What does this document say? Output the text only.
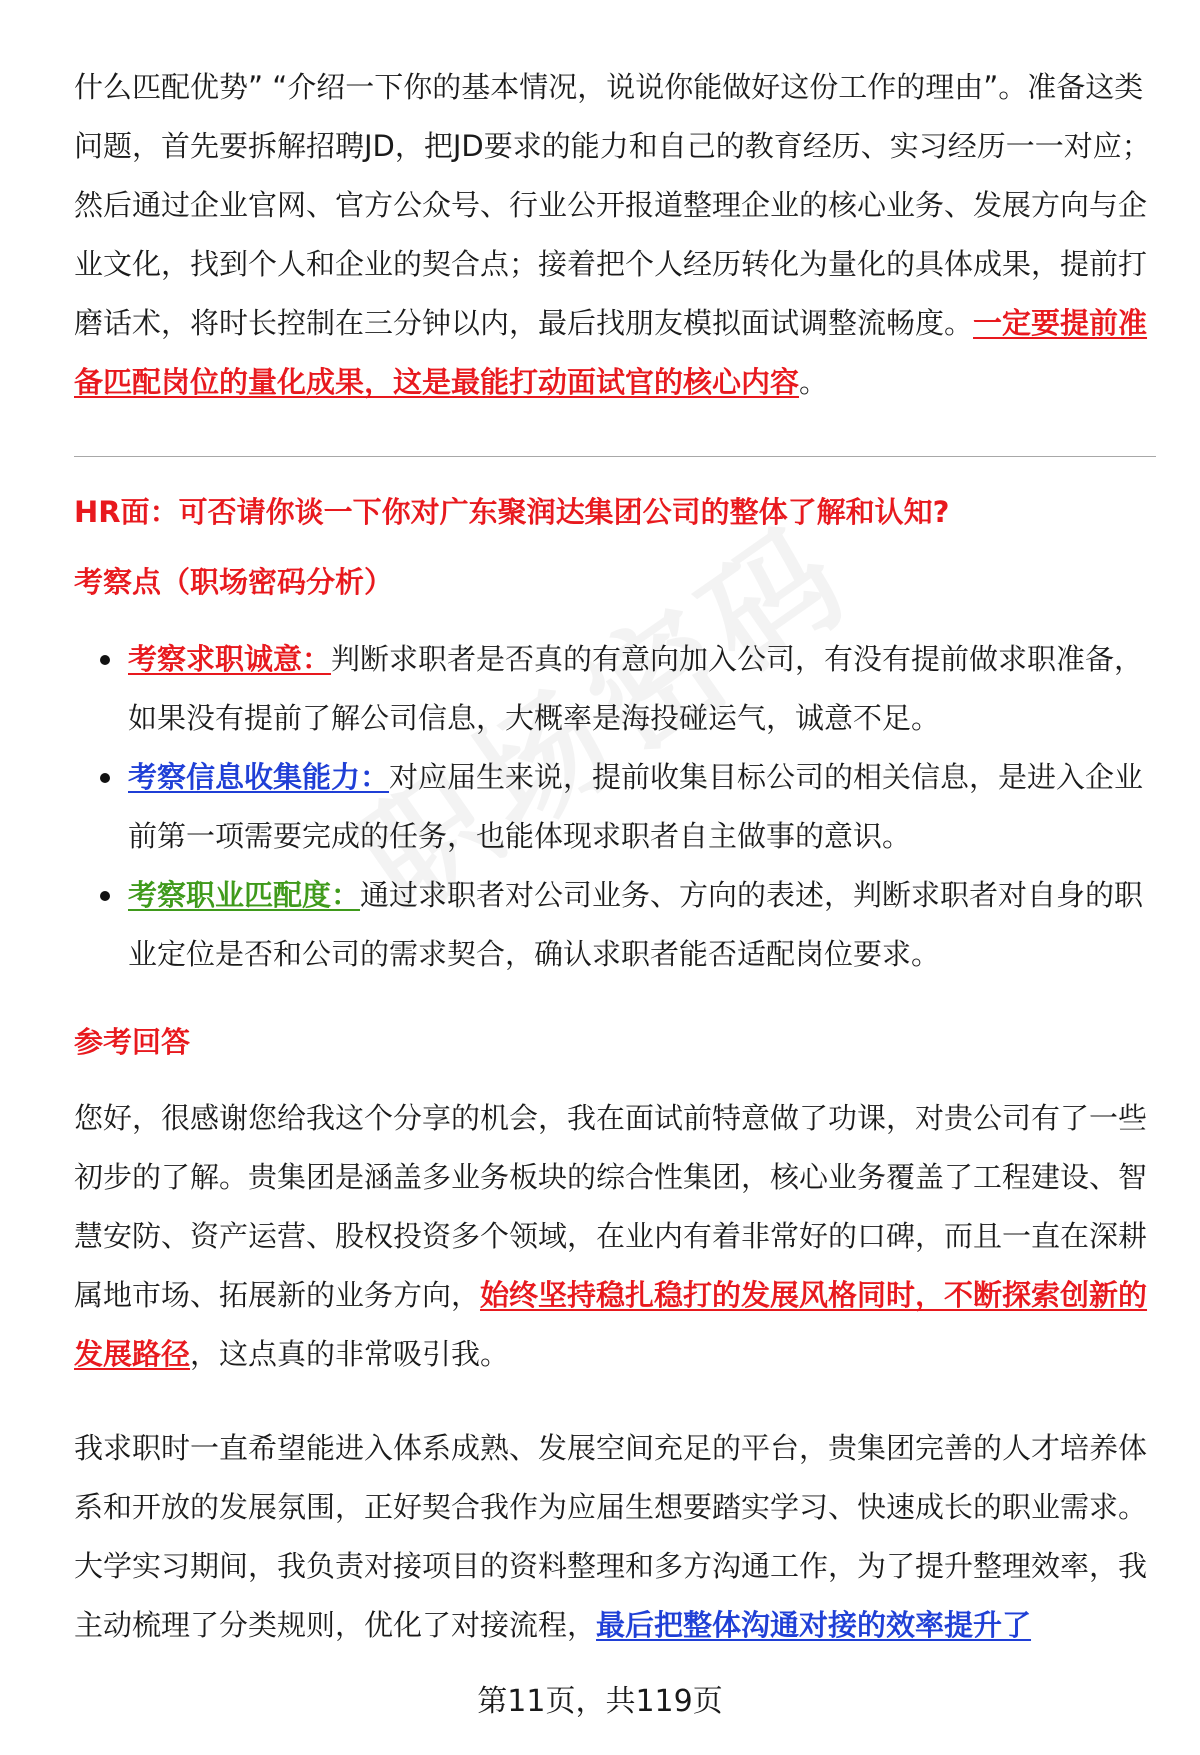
什么匹配优势” “介绍一下你的基本情况，说说你能做好这份工作的理由”。准备这类问题，首先要拆解招聘JD，把JD要求的能力和自己的教育经历、实习经历一一对应；然后通过企业官网、官方公众号、行业公开报道整理企业的核心业务、发展方向与企业文化，找到个人和企业的契合点；接着把个人经历转化为量化的具体成果，提前打磨话术，将时长控制在三分钟以内，最后找朋友模拟面试调整流畅度。一定要提前准备匹配岗位的量化成果，这是最能打动面试官的核心内容。

HR面：可否请你谈一下你对广东聚润达集团公司的整体了解和认知?
考察点（职场密码分析）
考察求职诚意：判断求职者是否真的有意向加入公司，有没有提前做求职准备，如果没有提前了解公司信息，大概率是海投碰运气，诚意不足。
考察信息收集能力：对应届生来说，提前收集目标公司的相关信息，是进入企业前第一项需要完成的任务，也能体现求职者自主做事的意识。
考察职业匹配度：通过求职者对公司业务、方向的表述，判断求职者对自身的职业定位是否和公司的需求契合，确认求职者能否适配岗位要求。
参考回答

您好，很感谢您给我这个分享的机会，我在面试前特意做了功课，对贵公司有了一些初步的了解。贵集团是涵盖多业务板块的综合性集团，核心业务覆盖了工程建设、智慧安防、资产运营、股权投资多个领域，在业内有着非常好的口碑，而且一直在深耕属地市场、拓展新的业务方向，始终坚持稳扎稳打的发展风格同时，不断探索创新的发展路径，这点真的非常吸引我。

我求职时一直希望能进入体系成熟、发展空间充足的平台，贵集团完善的人才培养体系和开放的发展氛围，正好契合我作为应届生想要踏实学习、快速成长的职业需求。大学实习期间，我负责对接项目的资料整理和多方沟通工作，为了提升整理效率，我主动梳理了分类规则，优化了对接流程，最后把整体沟通对接的效率提升了

第11页，共119页
